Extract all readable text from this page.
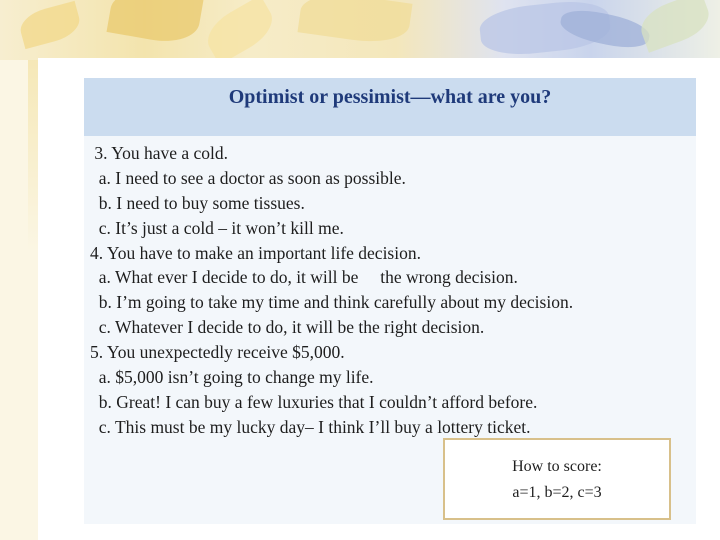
Optimist or pessimist—what are you?
3. You have a cold.
a. I need to see a doctor as soon as possible.
b. I need to buy some tissues.
c. It’s just a cold – it won’t kill me.
4. You have to make an important life decision.
a. What ever I decide to do, it will be     the wrong decision.
b. I’m going to take my time and think carefully about my decision.
c. Whatever I decide to do, it will be the right decision.
5. You unexpectedly receive $5,000.
a. $5,000 isn’t going to change my life.
b. Great! I can buy a few luxuries that I couldn’t afford before.
c. This must be my lucky day– I think I’ll buy a lottery ticket.
How to score:
a=1, b=2, c=3
